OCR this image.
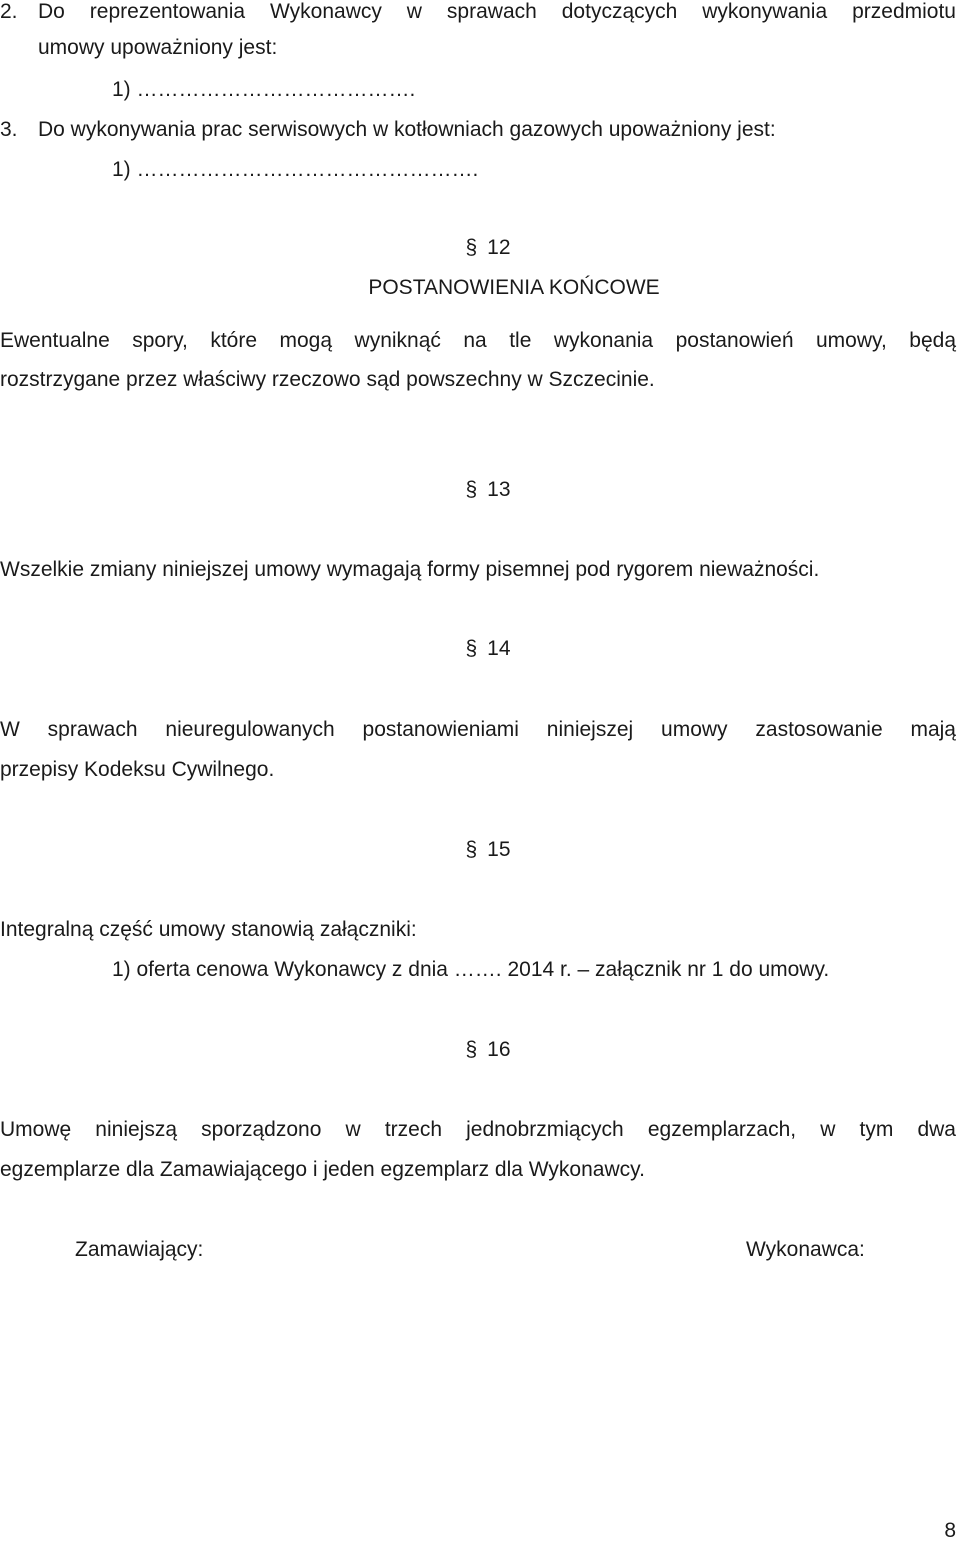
2. Do reprezentowania Wykonawcy w sprawach dotyczących wykonywania przedmiotu
umowy upoważniony jest:
1) ………………………………….
3. Do wykonywania prac serwisowych w kotłowniach gazowych upoważniony jest:
1) ………………………………………….
§ 12
POSTANOWIENIA KOŃCOWE
Ewentualne spory, które mogą wyniknąć na tle wykonania postanowień umowy, będą
rozstrzygane przez właściwy rzeczowo sąd powszechny w Szczecinie.
§ 13
Wszelkie zmiany niniejszej umowy wymagają formy pisemnej pod rygorem nieważności.
§ 14
W sprawach nieuregulowanych postanowieniami niniejszej umowy zastosowanie mają
przepisy Kodeksu Cywilnego.
§ 15
Integralną część umowy stanowią załączniki:
1) oferta cenowa Wykonawcy z dnia ……. 2014 r. – załącznik nr 1 do umowy.
§ 16
Umowę niniejszą sporządzono w trzech jednobrzmiących egzemplarzach, w tym dwa
egzemplarze dla Zamawiającego i jeden egzemplarz dla Wykonawcy.
Zamawiający:	Wykonawca:
8
